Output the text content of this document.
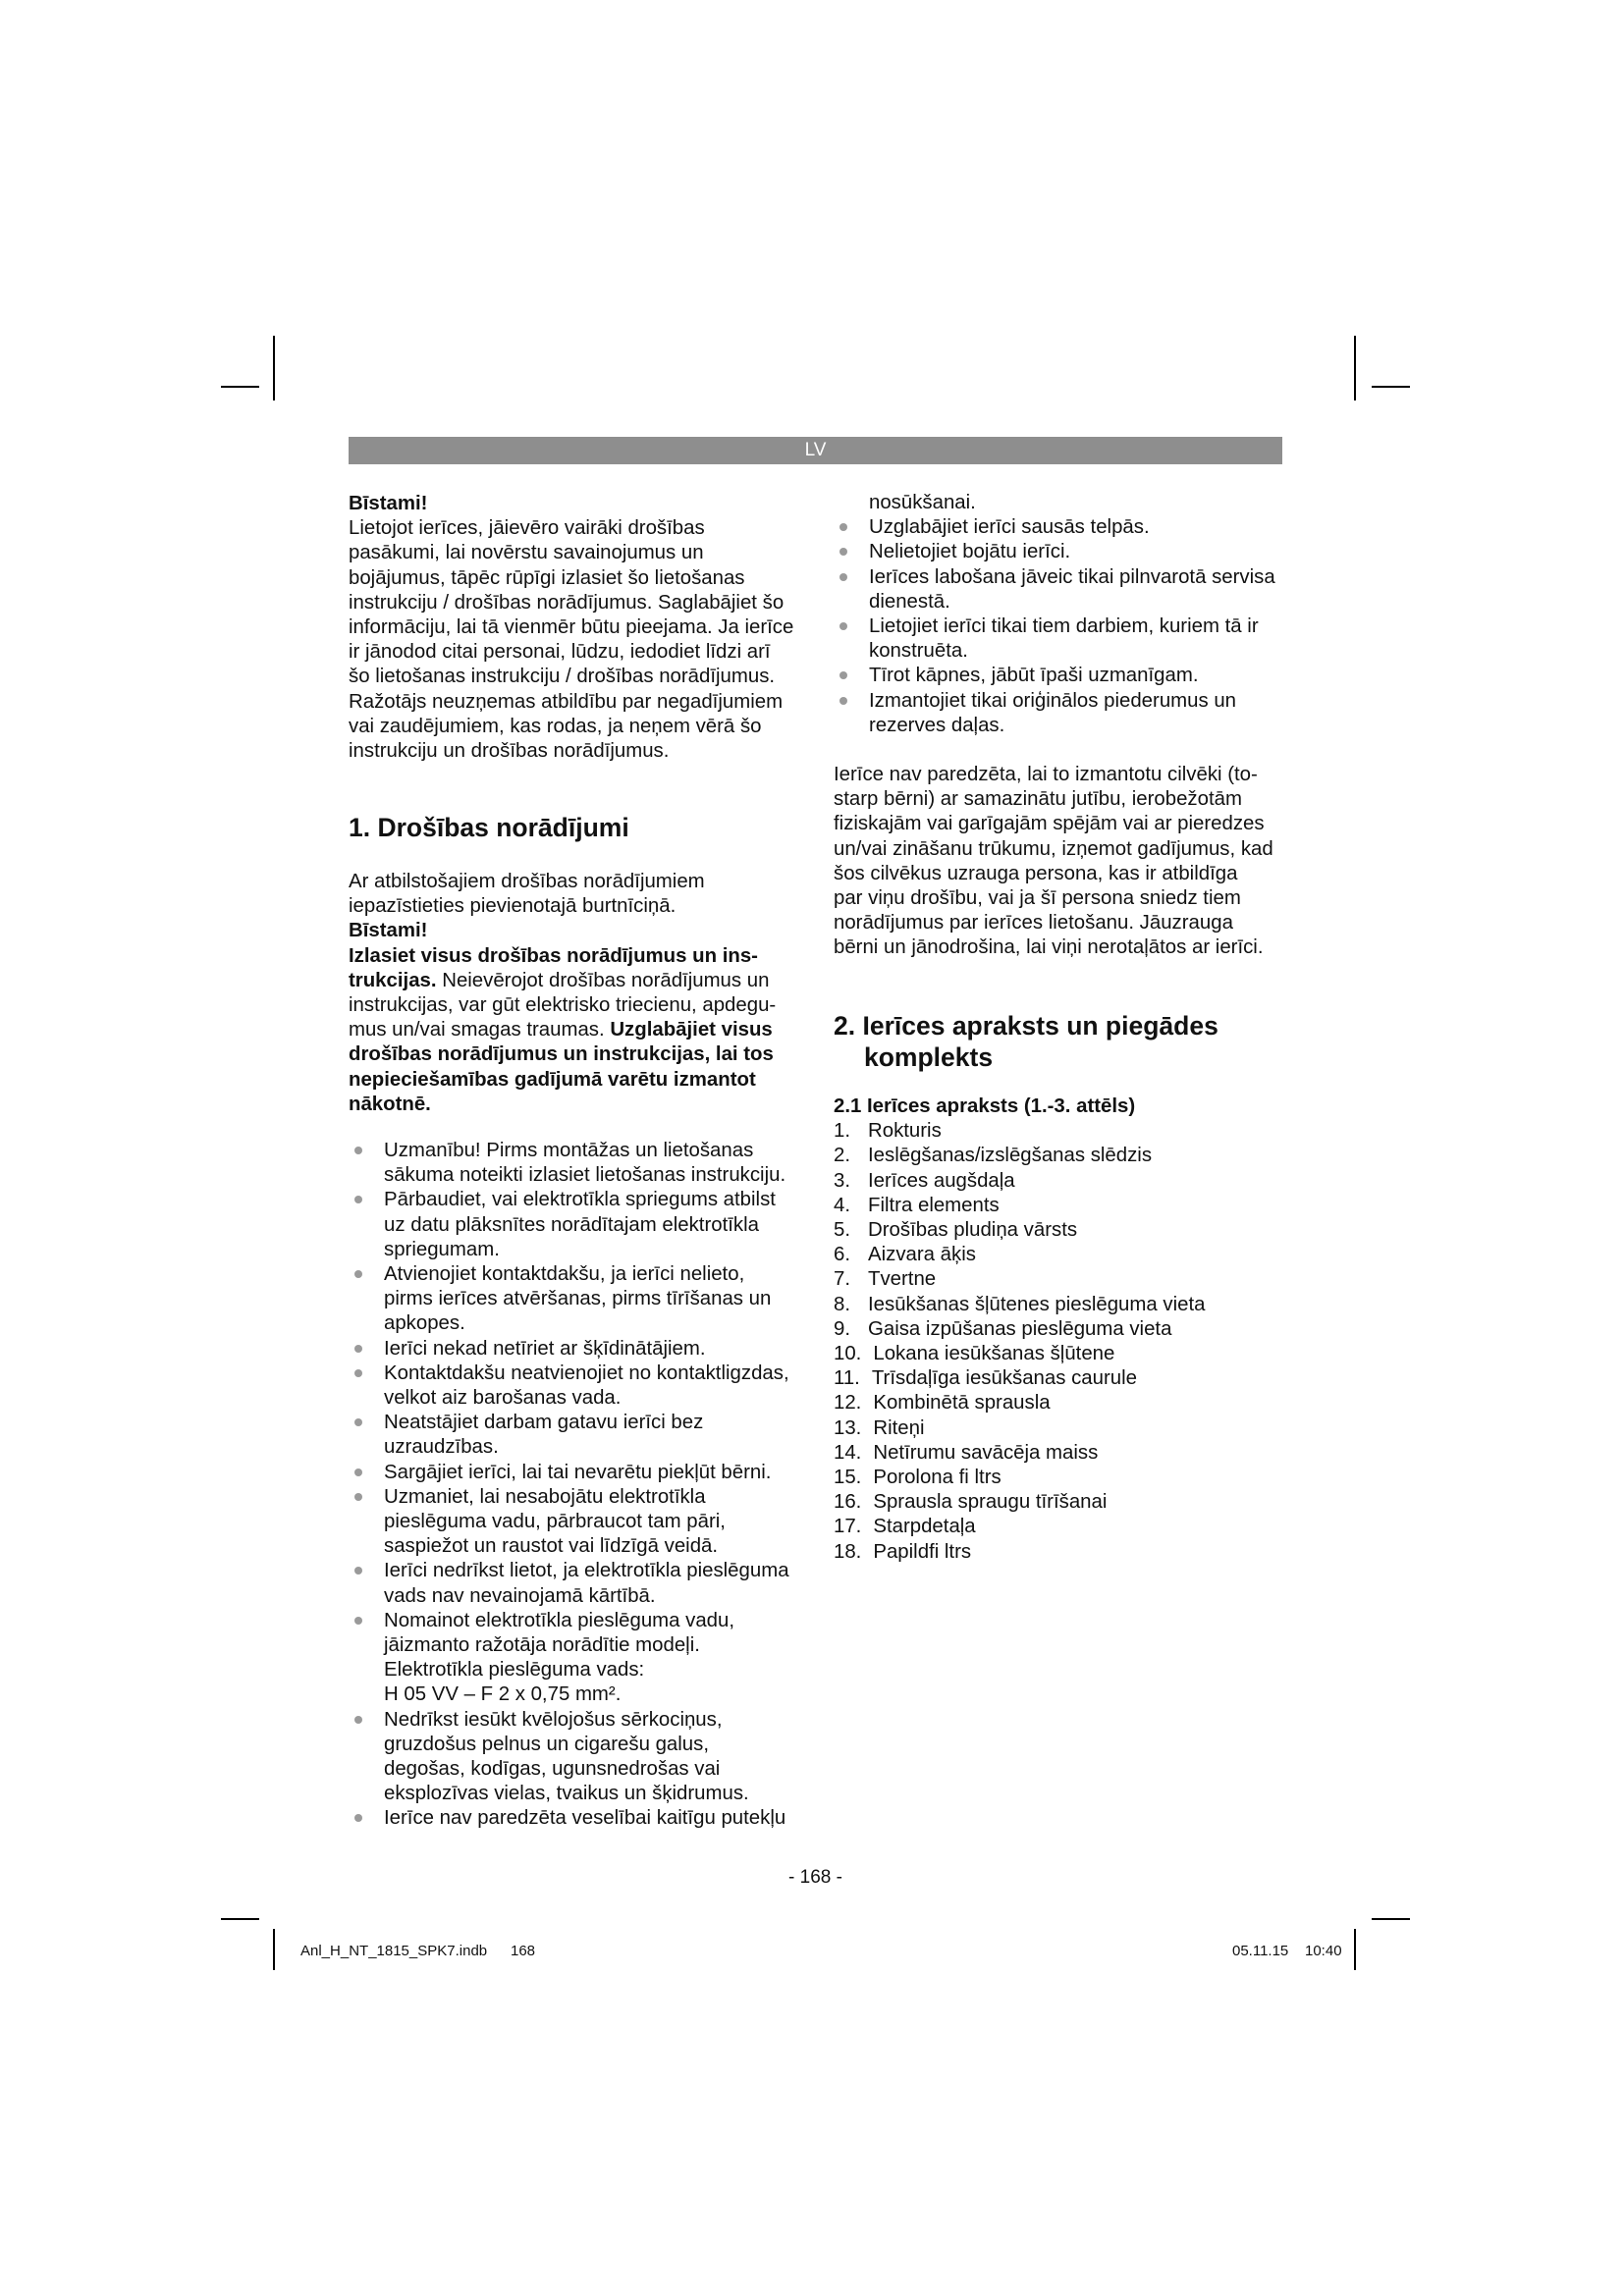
LV
Bīstami!
Lietojot ierīces, jāievēro vairāki drošības
pasākumi, lai novērstu savainojumus un
bojājumus, tāpēc rūpīgi izlasiet šo lietošanas
instrukciju / drošības norādījumus. Saglabājiet šo
informāciju, lai tā vienmēr būtu pieejama. Ja ierīce
ir jānodod citai personai, lūdzu, iedodiet līdzi arī
šo lietošanas instrukciju / drošības norādījumus.
Ražotājs neuzņemas atbildību par negadījumiem
vai zaudējumiem, kas rodas, ja neņem vērā šo
instrukciju un drošības norādījumus.
1. Drošības norādījumi
Ar atbilstošajiem drošības norādījumiem
iepazīstieties pievienotajā burtnīciņā.
Bīstami!
Izlasiet visus drošības norādījumus un ins-
trukcijas. Neievērojot drošības norādījumus un
instrukcijas, var gūt elektrisko triecienu, apdegu-
mus un/vai smagas traumas. Uzglabājiet visus
drošības norādījumus un instrukcijas, lai tos
nepieciešamības gadījumā varētu izmantot
nākotnē.
Uzmanību! Pirms montāžas un lietošanas
sākuma noteikti izlasiet lietošanas instrukciju.
Pārbaudiet, vai elektrotīkla spriegums atbilst
uz datu plāksnītes norādītajam elektrotīkla
spriegumam.
Atvienojiet kontaktdakšu, ja ierīci nelieto,
pirms ierīces atvēršanas, pirms tīrīšanas un
apkopes.
Ierīci nekad netīriet ar šķīdinātājiem.
Kontaktdakšu neatvienojiet no kontaktligzdas,
velkot aiz barošanas vada.
Neatstājiet darbam gatavu ierīci bez
uzraudzības.
Sargājiet ierīci, lai tai nevarētu piekļūt bērni.
Uzmaniet, lai nesabojātu elektrotīkla
pieslēguma vadu, pārbraucot tam pāri,
saspiežot un raustot vai līdzīgā veidā.
Ierīci nedrīkst lietot, ja elektrotīkla pieslēguma
vads nav nevainojamā kārtībā.
Nomainot elektrotīkla pieslēguma vadu,
jāizmanto ražotāja norādītie modeļi.
Elektrotīkla pieslēguma vads:
H 05 VV – F 2 x 0,75 mm².
Nedrīkst iesūkt kvēlojošus sērkociņus,
gruzdošus pelnus un cigarešu galus,
degošas, kodīgas, ugunsnedrošas vai
eksplozīvas vielas, tvaikus un šķidrumus.
Ierīce nav paredzēta veselībai kaitīgu putekļu
nosūkšanai.
Uzglabājiet ierīci sausās telpās.
Nelietojiet bojātu ierīci.
Ierīces labošana jāveic tikai pilnvarotā servisa
dienestā.
Lietojiet ierīci tikai tiem darbiem, kuriem tā ir
konstruēta.
Tīrot kāpnes, jābūt īpaši uzmanīgam.
Izmantojiet tikai oriģinālos piederumus un
rezerves daļas.
Ierīce nav paredzēta, lai to izmantotu cilvēki (to-
starp bērni) ar samazinātu jutību, ierobežotām
fiziskajām vai garīgajām spējām vai ar pieredzes
un/vai zināšanu trūkumu, izņemot gadījumus, kad
šos cilvēkus uzrauga persona, kas ir atbildīga
par viņu drošību, vai ja šī persona sniedz tiem
norādījumus par ierīces lietošanu. Jāuzrauga
bērni un jānodrošina, lai viņi nerotaļātos ar ierīci.
2. Ierīces apraksts un piegādes
komplekts
2.1 Ierīces apraksts (1.-3. attēls)
1. Rokturis
2. Ieslēgšanas/izslēgšanas slēdzis
3. Ierīces augšdaļa
4. Filtra elements
5. Drošības pludiņa vārsts
6. Aizvara āķis
7. Tvertne
8. Iesūkšanas šļūtenes pieslēguma vieta
9. Gaisa izpūšanas pieslēguma vieta
10. Lokana iesūkšanas šļūtene
11. Trīsdaļīga iesūkšanas caurule
12. Kombinētā sprausla
13. Riteņi
14. Netīrumu savācēja maiss
15. Porolona fi ltrs
16. Sprausla spraugu tīrīšanai
17. Starpdetaļa
18. Papildfi ltrs
- 168 -
Anl_H_NT_1815_SPK7.indb 168	05.11.15 10:40
